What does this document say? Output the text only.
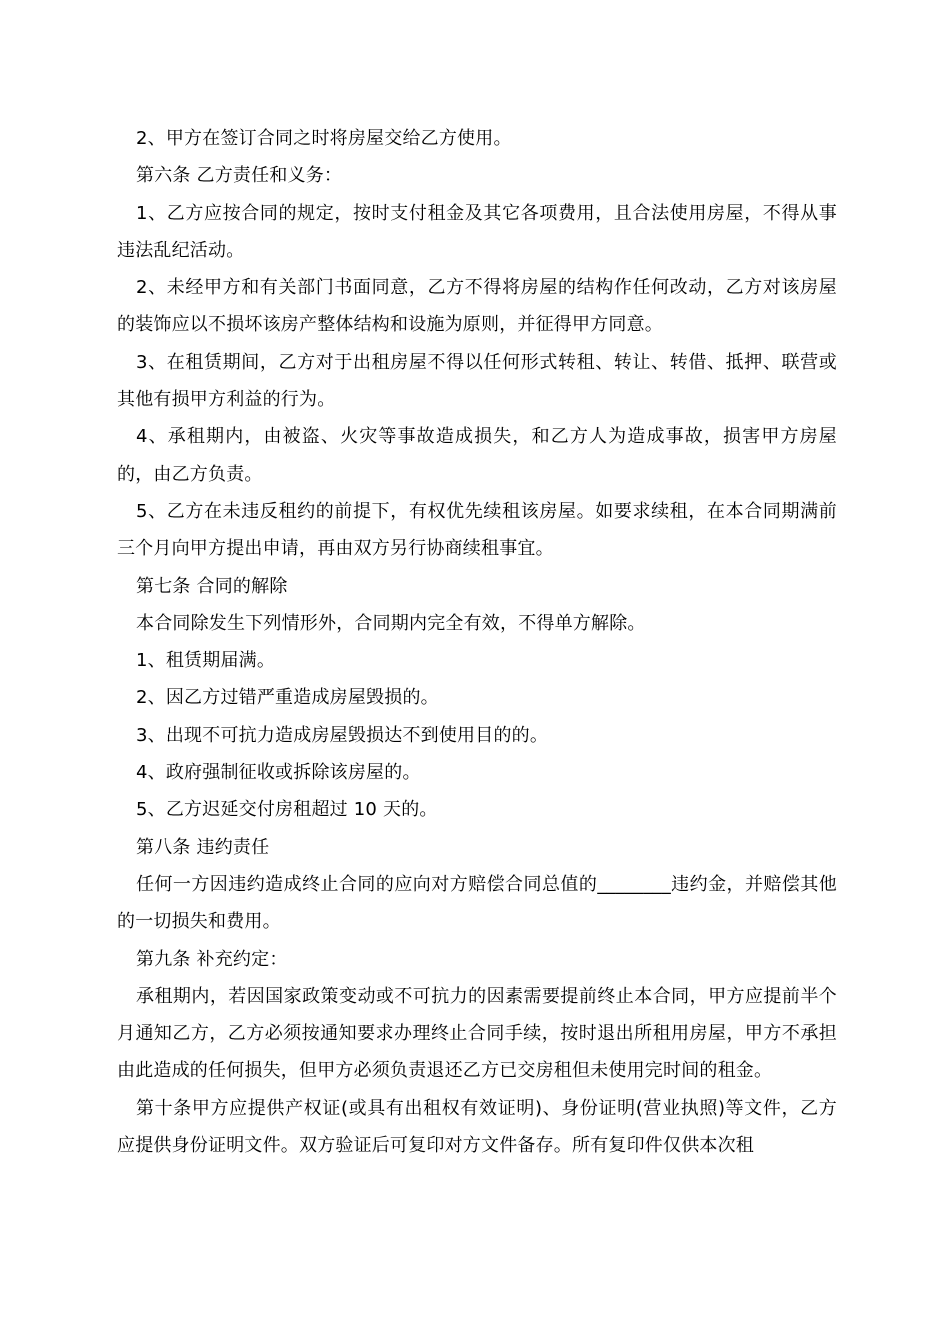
2、甲方在签订合同之时将房屋交给乙方使用。

第六条 乙方责任和义务：

1、乙方应按合同的规定，按时支付租金及其它各项费用，且合法使用房屋，不得从事违法乱纪活动。

2、未经甲方和有关部门书面同意，乙方不得将房屋的结构作任何改动，乙方对该房屋的装饰应以不损坏该房产整体结构和设施为原则，并征得甲方同意。

3、在租赁期间，乙方对于出租房屋不得以任何形式转租、转让、转借、抵押、联营或其他有损甲方利益的行为。

4、承租期内，由被盗、火灾等事故造成损失，和乙方人为造成事故，损害甲方房屋的，由乙方负责。

5、乙方在未违反租约的前提下，有权优先续租该房屋。如要求续租，在本合同期满前三个月向甲方提出申请，再由双方另行协商续租事宜。

第七条 合同的解除

本合同除发生下列情形外，合同期内完全有效，不得单方解除。

1、租赁期届满。

2、因乙方过错严重造成房屋毁损的。

3、出现不可抗力造成房屋毁损达不到使用目的的。

4、政府强制征收或拆除该房屋的。

5、乙方迟延交付房租超过 10 天的。

第八条 违约责任

任何一方因违约造成终止合同的应向对方赔偿合同总值的________违约金，并赔偿其他的一切损失和费用。

第九条 补充约定：

承租期内，若因国家政策变动或不可抗力的因素需要提前终止本合同，甲方应提前半个月通知乙方，乙方必须按通知要求办理终止合同手续，按时退出所租用房屋，甲方不承担由此造成的任何损失，但甲方必须负责退还乙方已交房租但未使用完时间的租金。

第十条甲方应提供产权证(或具有出租权有效证明)、身份证明(营业执照)等文件，乙方应提供身份证明文件。双方验证后可复印对方文件备存。所有复印件仅供本次租
